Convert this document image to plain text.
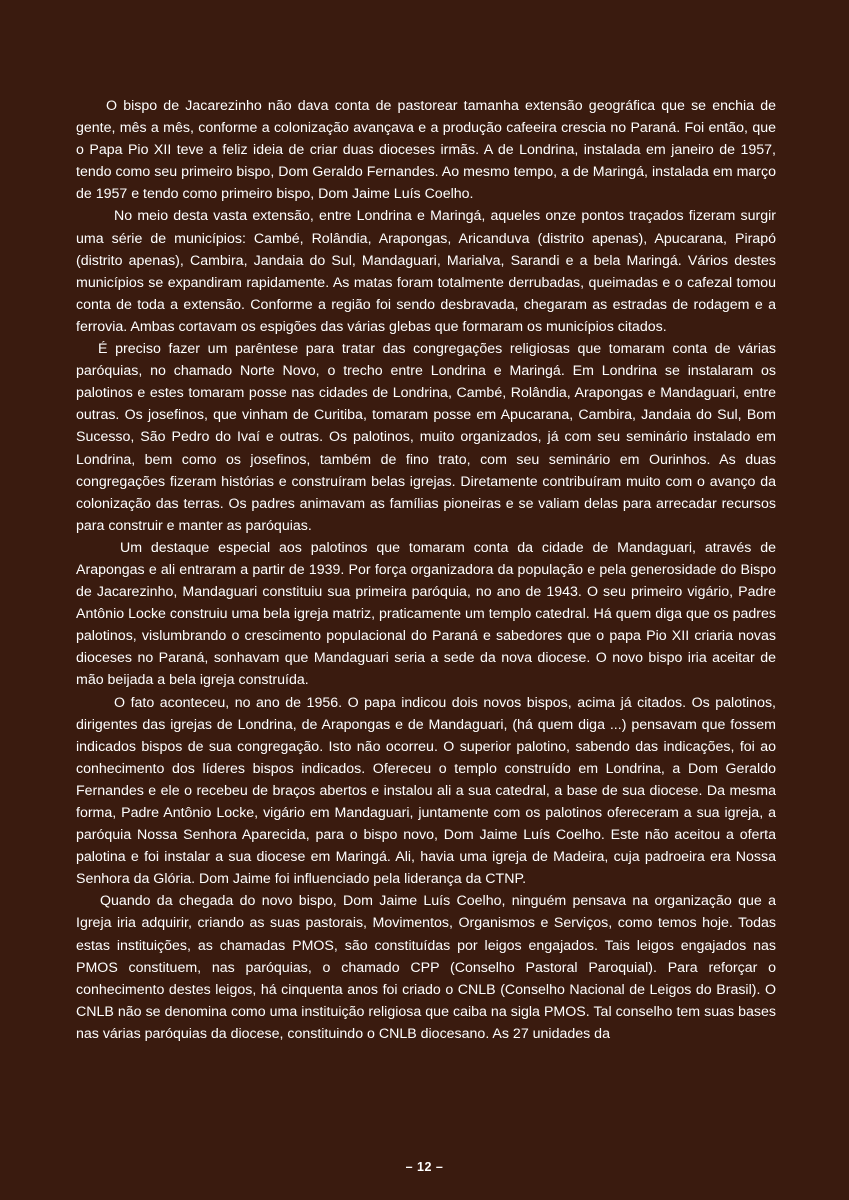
O bispo de Jacarezinho não dava conta de pastorear tamanha extensão geográfica que se enchia de gente, mês a mês, conforme a colonização avançava e a produção cafeeira crescia no Paraná. Foi então, que o Papa Pio XII teve a feliz ideia de criar duas dioceses irmãs. A de Londrina, instalada em janeiro de 1957, tendo como seu primeiro bispo, Dom Geraldo Fernandes. Ao mesmo tempo, a de Maringá, instalada em março de 1957 e tendo como primeiro bispo, Dom Jaime Luís Coelho.

No meio desta vasta extensão, entre Londrina e Maringá, aqueles onze pontos traçados fizeram surgir uma série de municípios: Cambé, Rolândia, Arapongas, Aricanduva (distrito apenas), Apucarana, Pirapó (distrito apenas), Cambira, Jandaia do Sul, Mandaguari, Marialva, Sarandi e a bela Maringá. Vários destes municípios se expandiram rapidamente. As matas foram totalmente derrubadas, queimadas e o cafezal tomou conta de toda a extensão. Conforme a região foi sendo desbravada, chegaram as estradas de rodagem e a ferrovia. Ambas cortavam os espigões das várias glebas que formaram os municípios citados.

É preciso fazer um parêntese para tratar das congregações religiosas que tomaram conta de várias paróquias, no chamado Norte Novo, o trecho entre Londrina e Maringá. Em Londrina se instalaram os palotinos e estes tomaram posse nas cidades de Londrina, Cambé, Rolândia, Arapongas e Mandaguari, entre outras. Os josefinos, que vinham de Curitiba, tomaram posse em Apucarana, Cambira, Jandaia do Sul, Bom Sucesso, São Pedro do Ivaí e outras. Os palotinos, muito organizados, já com seu seminário instalado em Londrina, bem como os josefinos, também de fino trato, com seu seminário em Ourinhos. As duas congregações fizeram histórias e construíram belas igrejas. Diretamente contribuíram muito com o avanço da colonização das terras. Os padres animavam as famílias pioneiras e se valiam delas para arrecadar recursos para construir e manter as paróquias.

Um destaque especial aos palotinos que tomaram conta da cidade de Mandaguari, através de Arapongas e ali entraram a partir de 1939. Por força organizadora da população e pela generosidade do Bispo de Jacarezinho, Mandaguari constituiu sua primeira paróquia, no ano de 1943. O seu primeiro vigário, Padre Antônio Locke construiu uma bela igreja matriz, praticamente um templo catedral. Há quem diga que os padres palotinos, vislumbrando o crescimento populacional do Paraná e sabedores que o papa Pio XII criaria novas dioceses no Paraná, sonhavam que Mandaguari seria a sede da nova diocese. O novo bispo iria aceitar de mão beijada a bela igreja construída.

O fato aconteceu, no ano de 1956. O papa indicou dois novos bispos, acima já citados. Os palotinos, dirigentes das igrejas de Londrina, de Arapongas e de Mandaguari, (há quem diga ...) pensavam que fossem indicados bispos de sua congregação. Isto não ocorreu. O superior palotino, sabendo das indicações, foi ao conhecimento dos líderes bispos indicados. Ofereceu o templo construído em Londrina, a Dom Geraldo Fernandes e ele o recebeu de braços abertos e instalou ali a sua catedral, a base de sua diocese. Da mesma forma, Padre Antônio Locke, vigário em Mandaguari, juntamente com os palotinos ofereceram a sua igreja, a paróquia Nossa Senhora Aparecida, para o bispo novo, Dom Jaime Luís Coelho. Este não aceitou a oferta palotina e foi instalar a sua diocese em Maringá. Ali, havia uma igreja de Madeira, cuja padroeira era Nossa Senhora da Glória. Dom Jaime foi influenciado pela liderança da CTNP.

Quando da chegada do novo bispo, Dom Jaime Luís Coelho, ninguém pensava na organização que a Igreja iria adquirir, criando as suas pastorais, Movimentos, Organismos e Serviços, como temos hoje. Todas estas instituições, as chamadas PMOS, são constituídas por leigos engajados. Tais leigos engajados nas PMOS constituem, nas paróquias, o chamado CPP (Conselho Pastoral Paroquial). Para reforçar o conhecimento destes leigos, há cinquenta anos foi criado o CNLB (Conselho Nacional de Leigos do Brasil). O CNLB não se denomina como uma instituição religiosa que caiba na sigla PMOS. Tal conselho tem suas bases nas várias paróquias da diocese, constituindo o CNLB diocesano. As 27 unidades da

– 12 –
